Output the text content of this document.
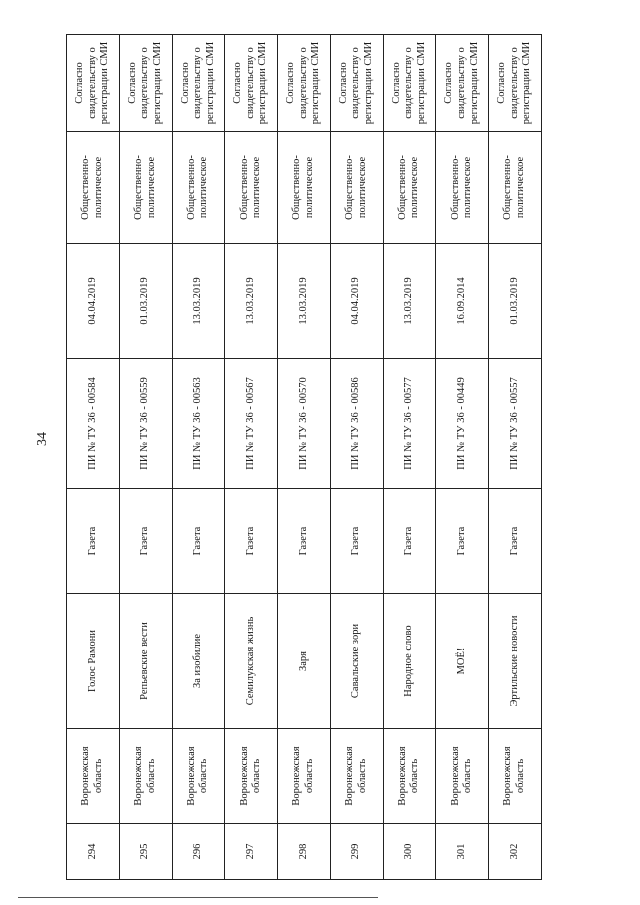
34
294	Воронежская область	Голос Рамони	Газета	ПИ № ТУ 36 - 00584	04.04.2019	Общественно-политическое	Согласно свидетельству о регистрации СМИ
295	Воронежская область	Репьевские вести	Газета	ПИ № ТУ 36 - 00559	01.03.2019	Общественно-политическое	Согласно свидетельству о регистрации СМИ
296	Воронежская область	За изобилие	Газета	ПИ № ТУ 36 - 00563	13.03.2019	Общественно-политическое	Согласно свидетельству о регистрации СМИ
297	Воронежская область	Семилукская жизнь	Газета	ПИ № ТУ 36 - 00567	13.03.2019	Общественно-политическое	Согласно свидетельству о регистрации СМИ
298	Воронежская область	Заря	Газета	ПИ № ТУ 36 - 00570	13.03.2019	Общественно-политическое	Согласно свидетельству о регистрации СМИ
299	Воронежская область	Савальские зори	Газета	ПИ № ТУ 36 - 00586	04.04.2019	Общественно-политическое	Согласно свидетельству о регистрации СМИ
300	Воронежская область	Народное слово	Газета	ПИ № ТУ 36 - 00577	13.03.2019	Общественно-политическое	Согласно свидетельству о регистрации СМИ
301	Воронежская область	МОЁ!	Газета	ПИ № ТУ 36 - 00449	16.09.2014	Общественно-политическое	Согласно свидетельству о регистрации СМИ
302	Воронежская область	Эртильские новости	Газета	ПИ № ТУ 36 - 00557	01.03.2019	Общественно-политическое	Согласно свидетельству о регистрации СМИ
